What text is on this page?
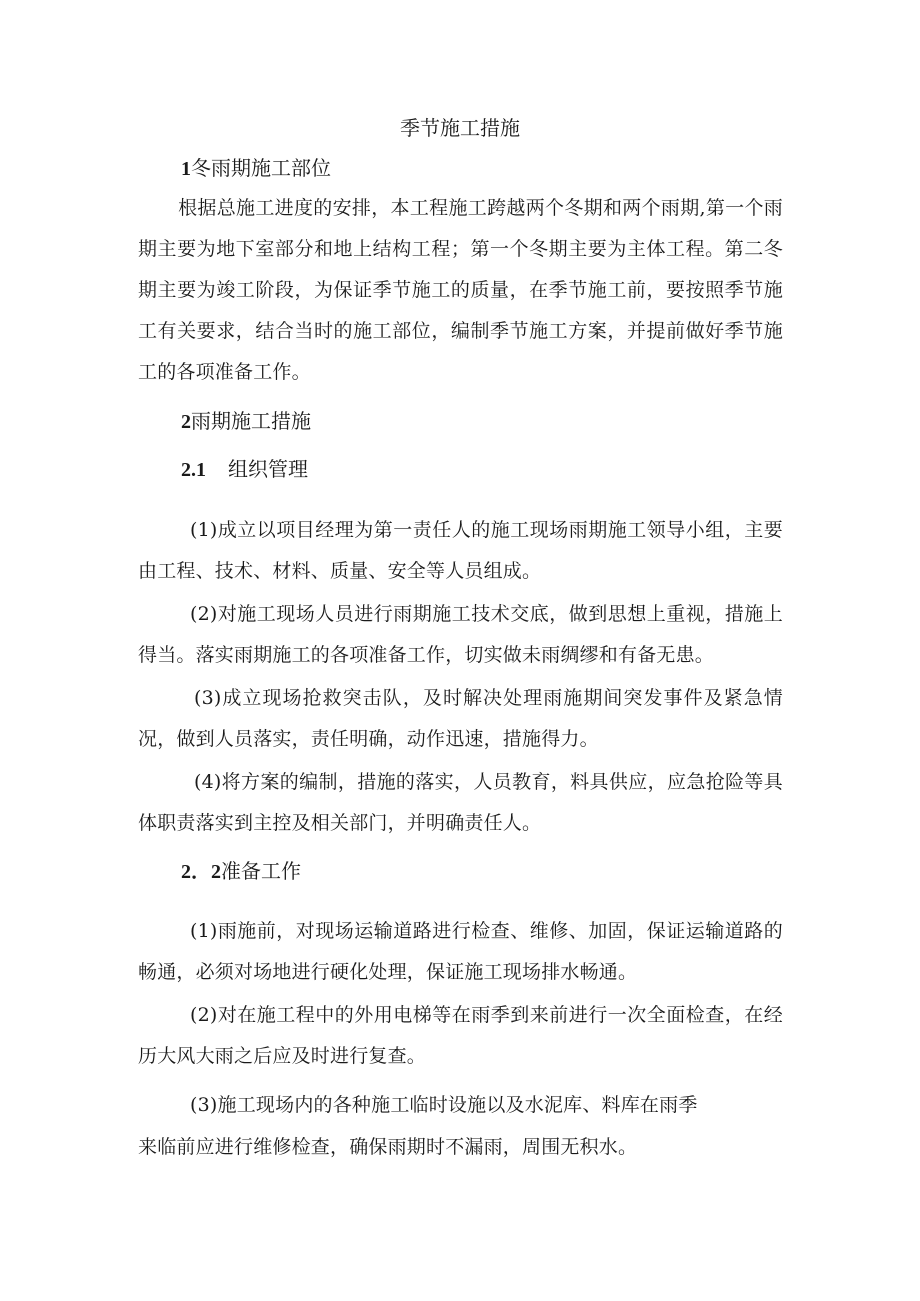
季节施工措施
1冬雨期施工部位
根据总施工进度的安排，本工程施工跨越两个冬期和两个雨期,第一个雨期主要为地下室部分和地上结构工程；第一个冬期主要为主体工程。第二冬期主要为竣工阶段，为保证季节施工的质量，在季节施工前，要按照季节施工有关要求，结合当时的施工部位，编制季节施工方案，并提前做好季节施工的各项准备工作。
2雨期施工措施
2.1 组织管理
(1)成立以项目经理为第一责任人的施工现场雨期施工领导小组，主要由工程、技术、材料、质量、安全等人员组成。
(2)对施工现场人员进行雨期施工技术交底，做到思想上重视，措施上得当。落实雨期施工的各项准备工作，切实做未雨绸缪和有备无患。
(3)成立现场抢救突击队，及时解决处理雨施期间突发事件及紧急情况，做到人员落实，责任明确，动作迅速，措施得力。
(4)将方案的编制，措施的落实，人员教育，料具供应，应急抢险等具体职责落实到主控及相关部门，并明确责任人。
2．2准备工作
(1)雨施前，对现场运输道路进行检查、维修、加固，保证运输道路的畅通，必须对场地进行硬化处理，保证施工现场排水畅通。
(2)对在施工程中的外用电梯等在雨季到来前进行一次全面检查，在经历大风大雨之后应及时进行复查。
(3)施工现场内的各种施工临时设施以及水泥库、料库在雨季
来临前应进行维修检查，确保雨期时不漏雨，周围无积水。
